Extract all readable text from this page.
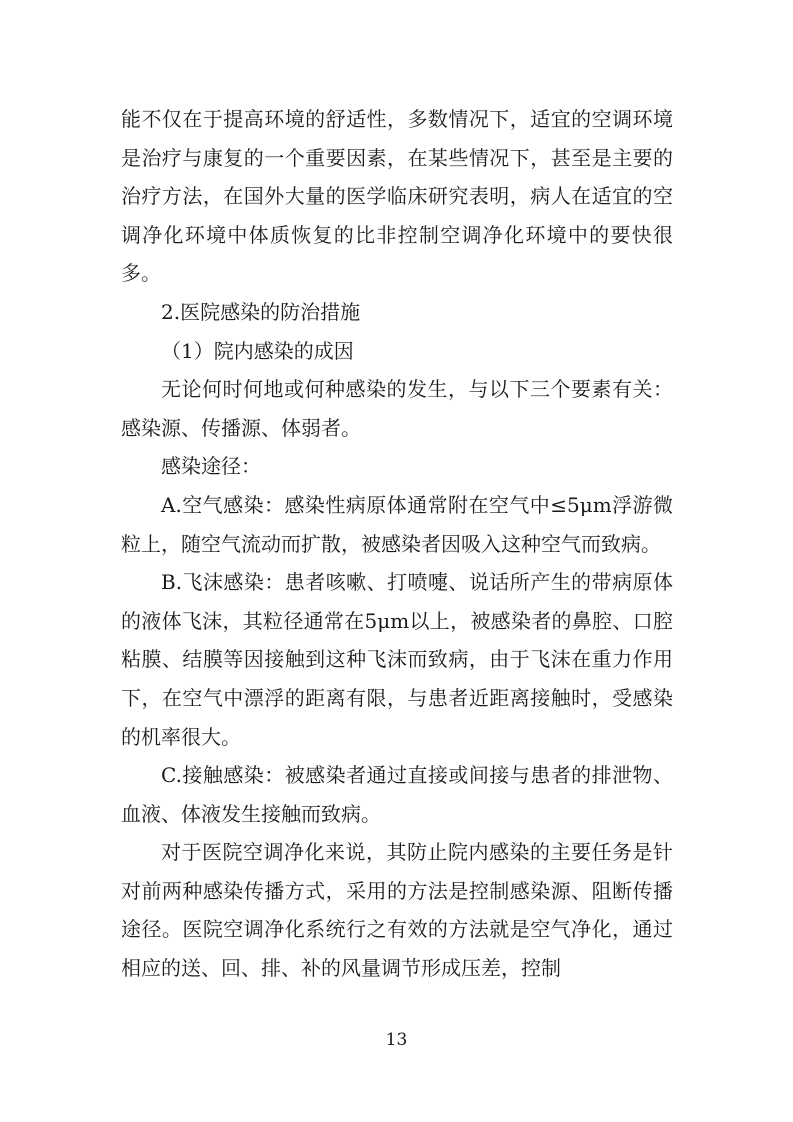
能不仅在于提高环境的舒适性，多数情况下，适宜的空调环境是治疗与康复的一个重要因素，在某些情况下，甚至是主要的治疗方法，在国外大量的医学临床研究表明，病人在适宜的空调净化环境中体质恢复的比非控制空调净化环境中的要快很多。

2.医院感染的防治措施

（1）院内感染的成因

无论何时何地或何种感染的发生，与以下三个要素有关：感染源、传播源、体弱者。

感染途径：

A.空气感染：感染性病原体通常附在空气中≤5μm浮游微粒上，随空气流动而扩散，被感染者因吸入这种空气而致病。

B.飞沫感染：患者咳嗽、打喷嚏、说话所产生的带病原体的液体飞沫，其粒径通常在5μm以上，被感染者的鼻腔、口腔粘膜、结膜等因接触到这种飞沫而致病，由于飞沫在重力作用下，在空气中漂浮的距离有限，与患者近距离接触时，受感染的机率很大。

C.接触感染：被感染者通过直接或间接与患者的排泄物、血液、体液发生接触而致病。

对于医院空调净化来说，其防止院内感染的主要任务是针对前两种感染传播方式，采用的方法是控制感染源、阻断传播途径。医院空调净化系统行之有效的方法就是空气净化，通过相应的送、回、排、补的风量调节形成压差，控制

13
